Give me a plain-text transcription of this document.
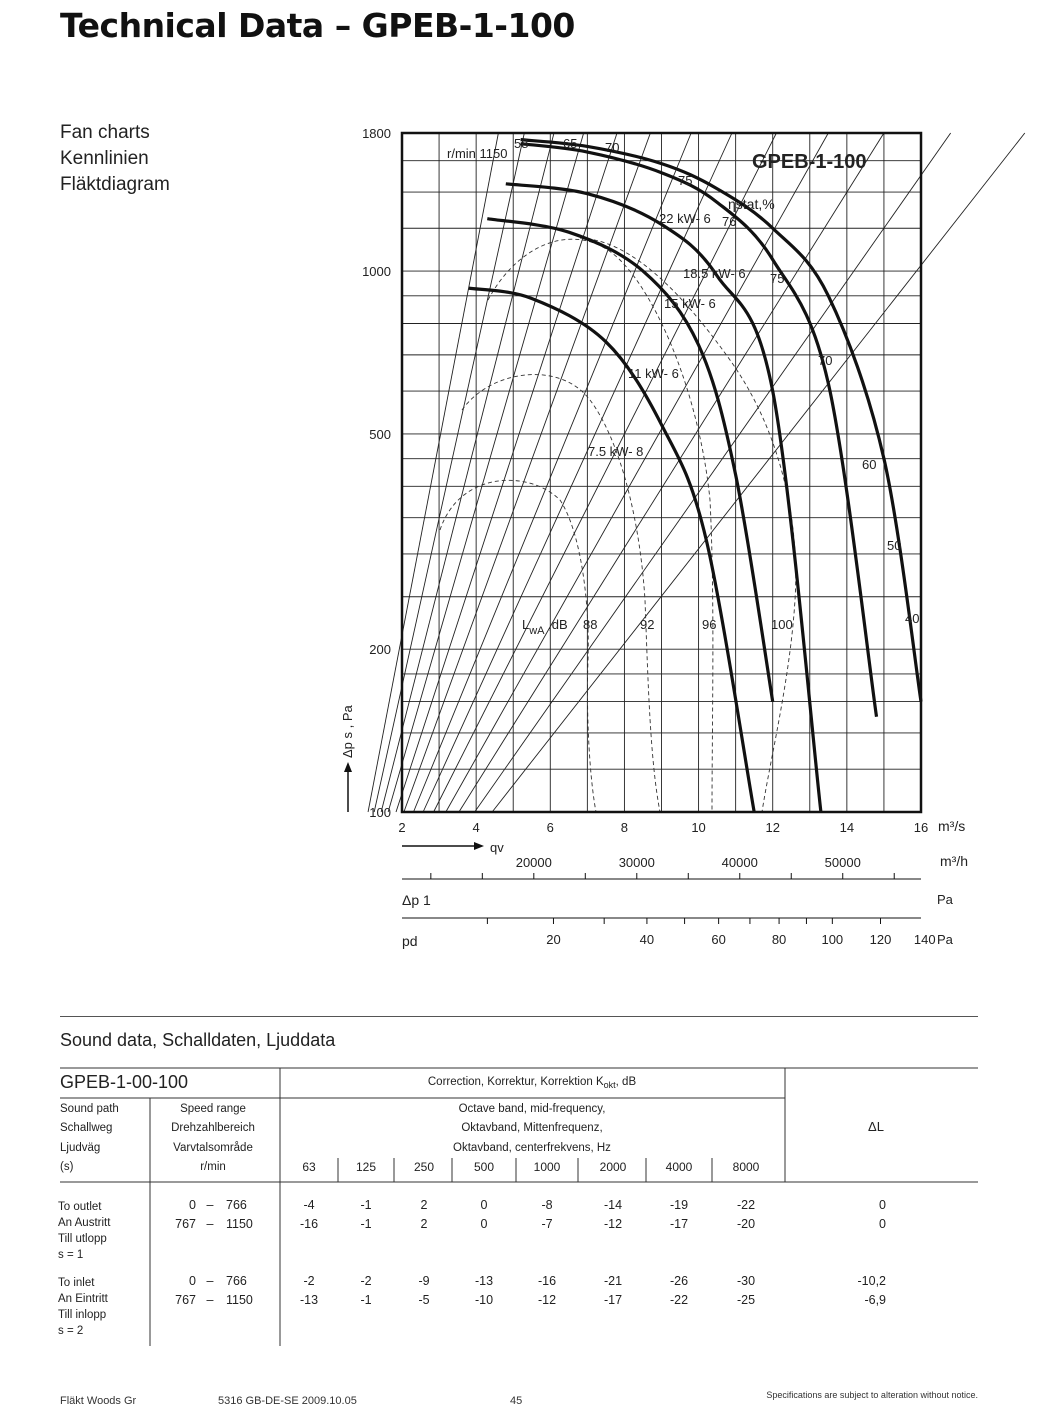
Technical Data – GPEB-1-100
Fan charts
Kennlinien
Fläktdiagram
GPEB-1-100
r/min 1150
ηstat,%
58	65 70
75
76
75
70
60
50
40
22 kW- 6
18.5 kW- 6
15 kW- 6
11 kW- 6
7.5 kW- 8
$L_{wA}$ ,dB 88	92	96	100
1800
1000
500
200
100
2	4	6	8	10	12	14	16 m³/s
Δp s , Pa
qv
20000	30000	40000	50000	m³/h
Δp 1	Pa
pd	20	40	60	80	100 120 140 Pa
Sound data, Schalldaten, Ljuddata
GPEB-1-00-100	Correction, Korrektur, Korrektion $K_{okt}$, dB
Sound path
Schallweg
Ljudväg
(s)
Speed range
Drehzahlbereich
Varvtalsområde
r/min
Octave band, mid-frequency,
Oktavband, Mittenfrequenz,
Oktavband, centerfrekvens, Hz
ΔL
63	125	250	500	1000	2000	4000	8000
To outlet
An Austritt
Till utlopp
s = 1
0 – 766	-4	-1	2	0	-8	-14	-19	-22	0
767 – 1150	-16	-1	2	0	-7	-12	-17	-20	0
To inlet
An Eintritt
Till inlopp
s = 2
0 – 766	-2	-2	-9	-13	-16	-21	-26	-30	-10,2
767 – 1150	-13	-1	-5	-10	-12	-17	-22	-25	-6,9
Fläkt Woods Gr	5316 GB-DE-SE 2009.10.05	45	Specifications are subject to alteration without notice.
